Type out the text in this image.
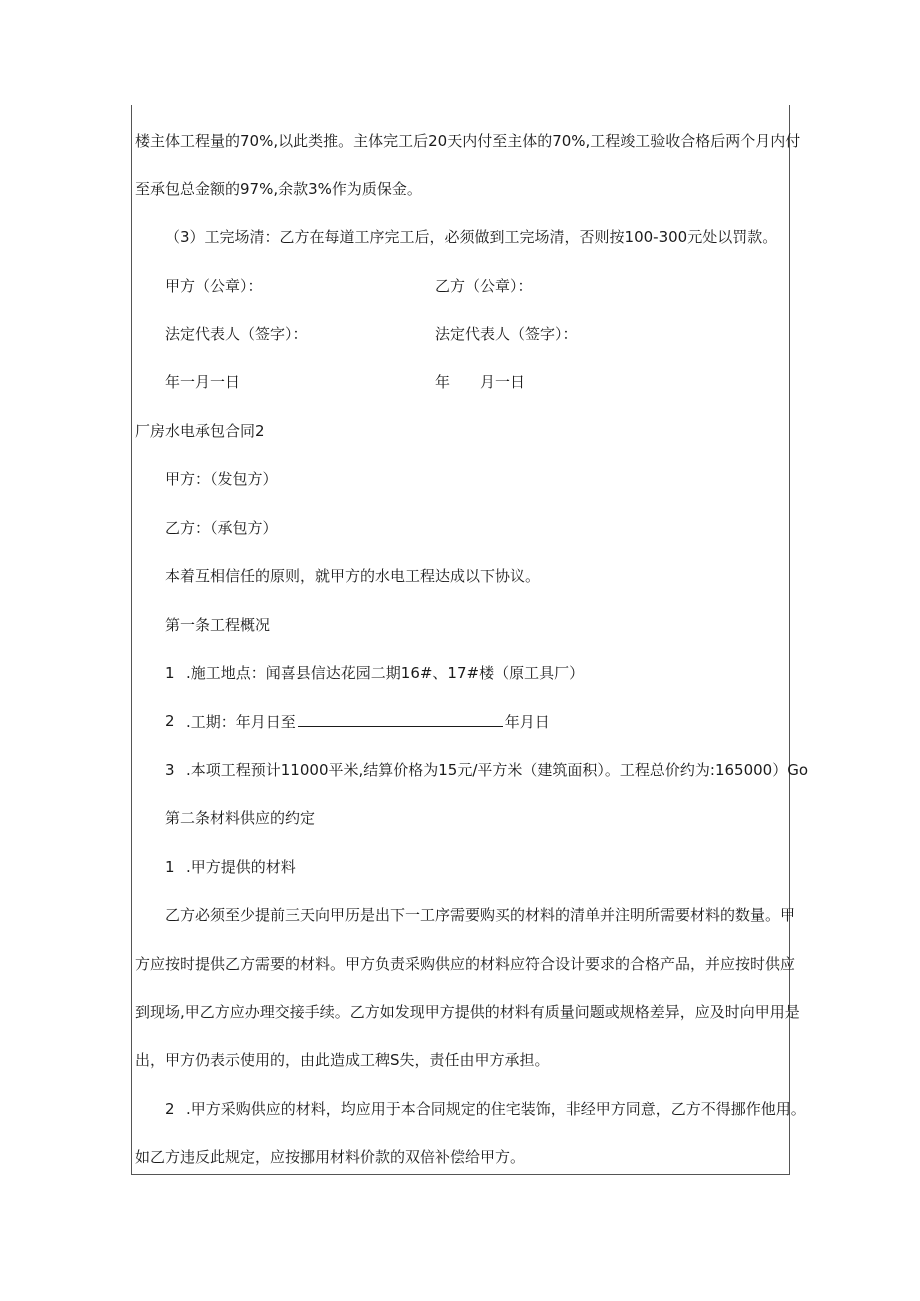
楼主体工程量的70%,以此类推。主体完工后20天内付至主体的70%,工程竣工验收合格后两个月内付
至承包总金额的97%,余款3%作为质保金。
（3）工完场清：乙方在每道工序完工后，必须做到工完场清，否则按100-300元处以罚款。
甲方（公章）：	乙方（公章）：
法定代表人（签字）：	法定代表人（签字）：
年一月一日	年 月一日
厂房水电承包合同2
甲方：（发包方）
乙方：（承包方）
本着互相信任的原则，就甲方的水电工程达成以下协议。
第一条工程概况
1 .施工地点：闻喜县信达花园二期16#、17#楼（原工具厂）
2 .工期：年月日至	年月日
3 .本项工程预计11000平米,结算价格为15元/平方米（建筑面积）。工程总价约为:165000）Go
第二条材料供应的约定
1 .甲方提供的材料
乙方必须至少提前三天向甲历是出下一工序需要购买的材料的清单并注明所需要材料的数量。甲
方应按时提供乙方需要的材料。甲方负责采购供应的材料应符合设计要求的合格产品，并应按时供应
到现场,甲乙方应办理交接手续。乙方如发现甲方提供的材料有质量问题或规格差异，应及时向甲用是
出，甲方仍表示使用的，由此造成工稗S失，责任由甲方承担。
2 .甲方采购供应的材料，均应用于本合同规定的住宅装饰，非经甲方同意，乙方不得挪作他用。
如乙方违反此规定，应按挪用材料价款的双倍补偿给甲方。
